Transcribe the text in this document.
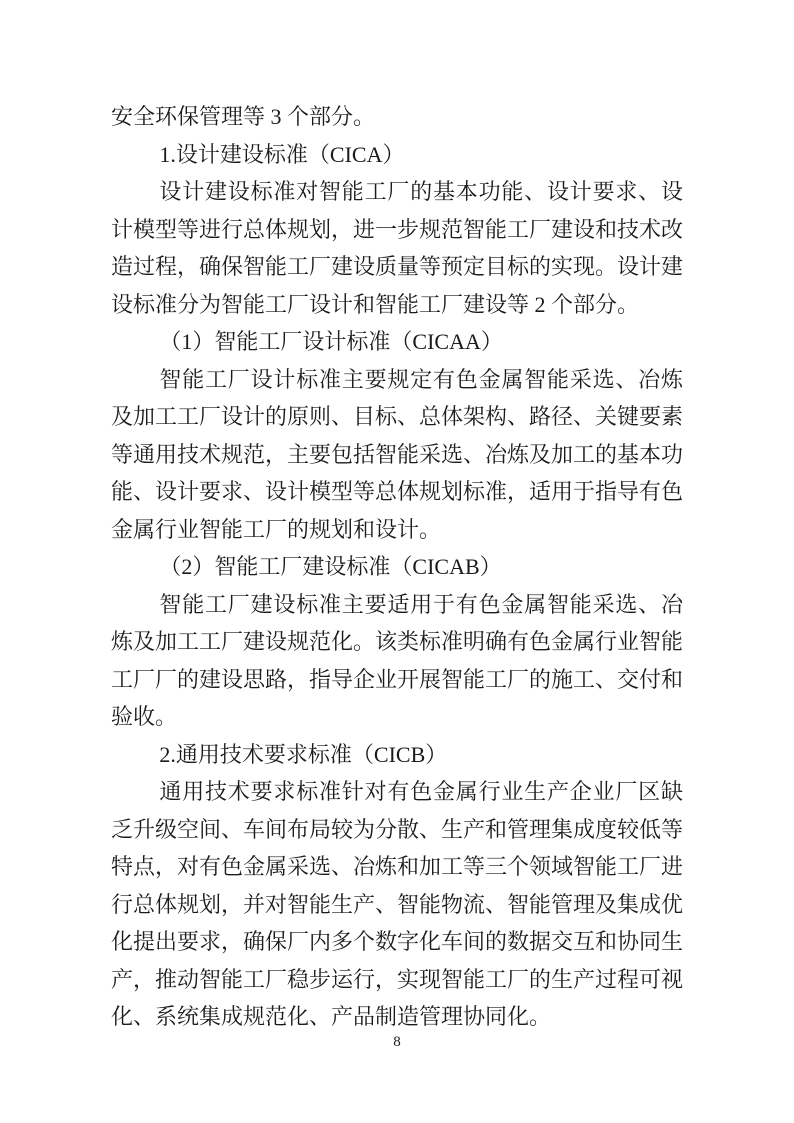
安全环保管理等 3 个部分。

1.设计建设标准（CICA）

设计建设标准对智能工厂的基本功能、设计要求、设计模型等进行总体规划，进一步规范智能工厂建设和技术改造过程，确保智能工厂建设质量等预定目标的实现。设计建设标准分为智能工厂设计和智能工厂建设等 2 个部分。

（1）智能工厂设计标准（CICAA）

智能工厂设计标准主要规定有色金属智能采选、冶炼及加工工厂设计的原则、目标、总体架构、路径、关键要素等通用技术规范，主要包括智能采选、冶炼及加工的基本功能、设计要求、设计模型等总体规划标准，适用于指导有色金属行业智能工厂的规划和设计。

（2）智能工厂建设标准（CICAB）

智能工厂建设标准主要适用于有色金属智能采选、冶炼及加工工厂建设规范化。该类标准明确有色金属行业智能工厂厂的建设思路，指导企业开展智能工厂的施工、交付和验收。

2.通用技术要求标准（CICB）

通用技术要求标准针对有色金属行业生产企业厂区缺乏升级空间、车间布局较为分散、生产和管理集成度较低等特点，对有色金属采选、冶炼和加工等三个领域智能工厂进行总体规划，并对智能生产、智能物流、智能管理及集成优化提出要求，确保厂内多个数字化车间的数据交互和协同生产，推动智能工厂稳步运行，实现智能工厂的生产过程可视化、系统集成规范化、产品制造管理协同化。

8
